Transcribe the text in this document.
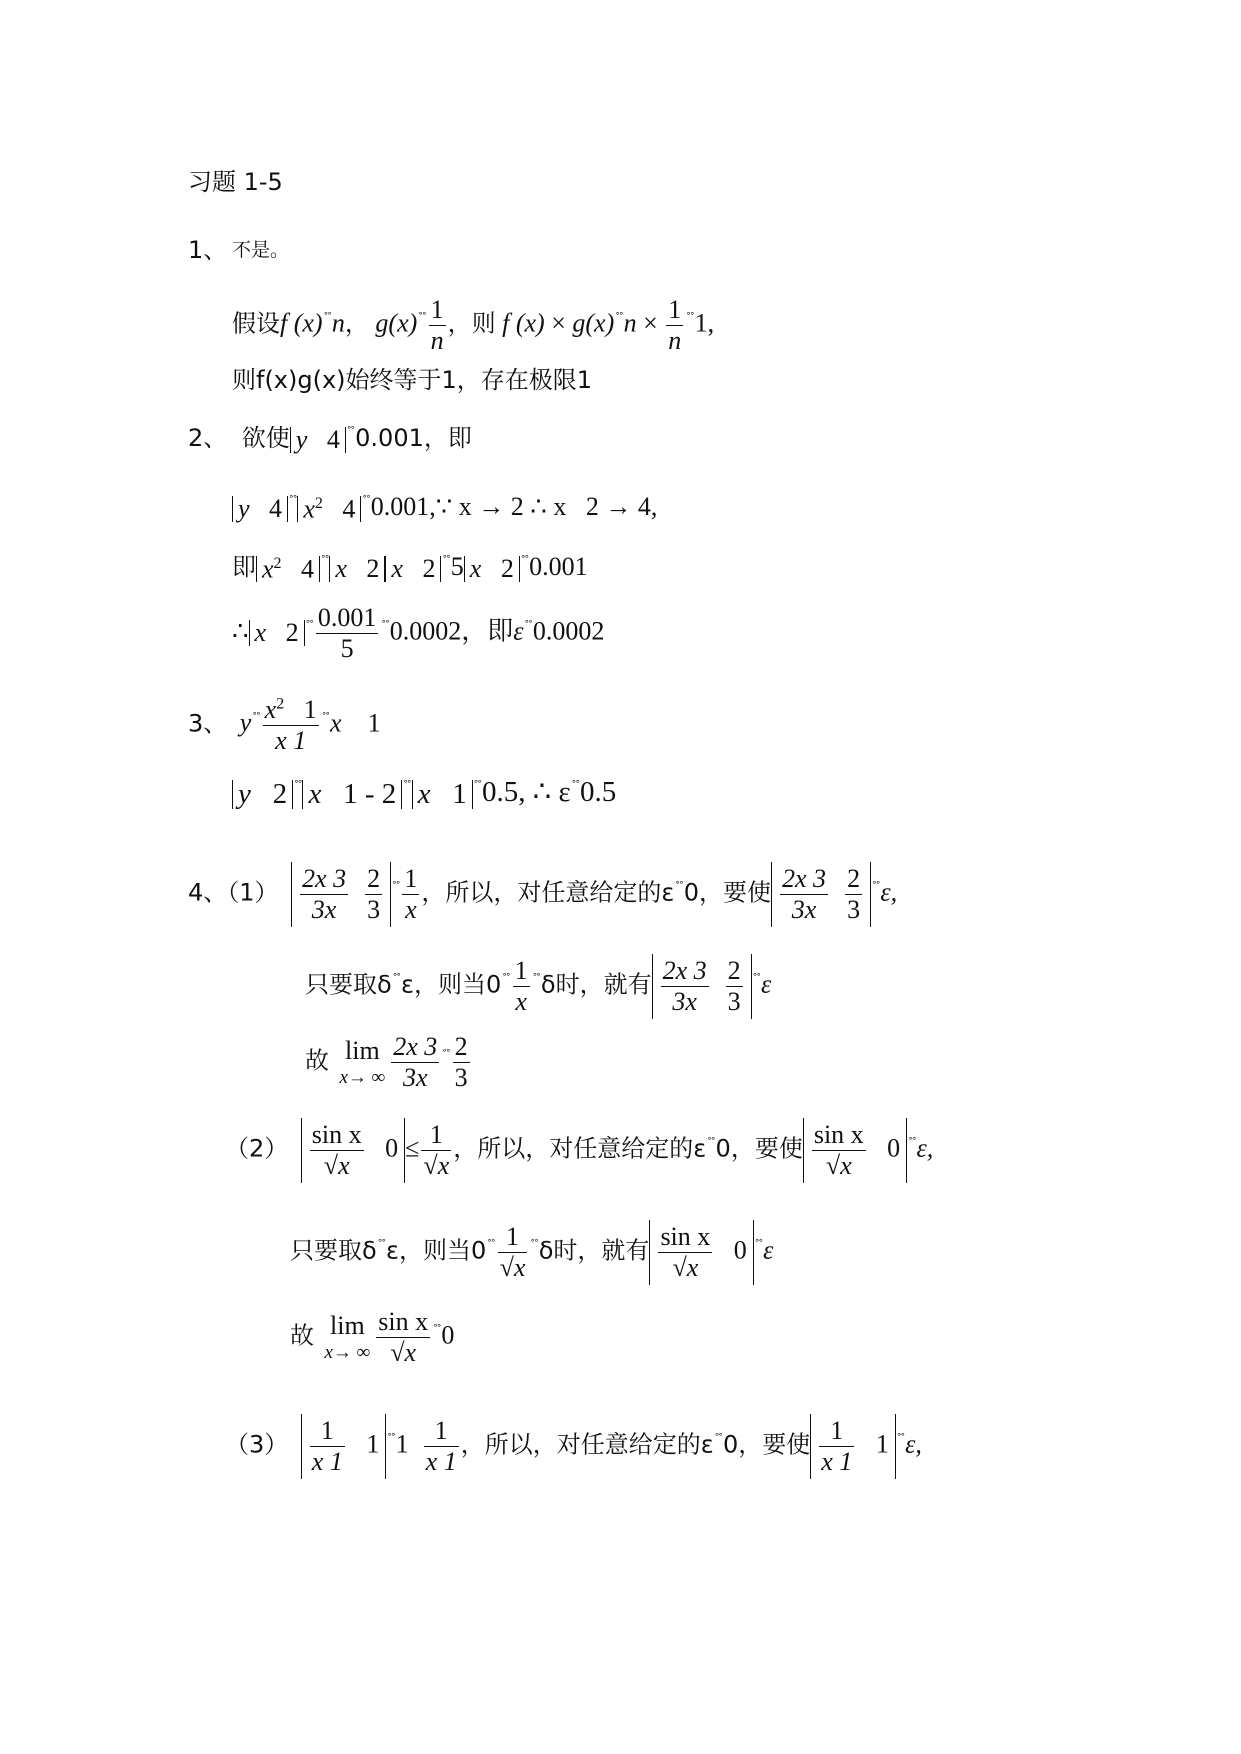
习题 1-5
1、 不是。
假设f (x)˚˚n， $g(x)^{˚˚} \frac{1}{n}$ ，则 f $(x) \times g(x)^{˚˚}n \times \frac{1}{n} ^{˚˚}1$,
则f(x)g(x)始终等于1，存在极限1
2、 欲使 y 4 ˚˚0.001，即
y 4 ˚˚ $x^2$ 4 ˚˚0.001,∵ x → 2 ∴ x 2 → 4,
即 $x^2$ 4 ˚˚ x 2 x 2 ˚˚5 x 2 ˚˚0.001
∴ x 2 $^{˚˚} \frac{0.001}{5} ^{˚˚}0.0002$，即ε˚˚0.0002
3、 $y^{˚˚} \frac{x^2 1}{x 1} ^{˚˚}x$ 1
y 2 ˚˚ x 1 - 2 ˚˚ x 1 ˚˚0.5, ∴ ε˚˚0.5
4、$(1) \frac{2x 3}{3x}$
$\frac{2}{3} ^{˚˚} \frac{1}{x}$ ，所以，对任意给定的ε˚˚0，要使 $\frac{2x 3}{3x}$
$\frac{2}{3} ^{˚˚}\varepsilon$,
只要取δ˚˚ε，则当$0^{˚˚} \frac{1}{x} ^{˚˚}\delta$时，就有 $\frac{2x 3}{3x}$
$\frac{2}{3} ^{˚˚}\varepsilon$
故 lim
x→ ∞ $\frac{2x 3}{3x} ^{˚˚} \frac{2}{3}$
$(2) \frac{\text{sin x}}{√x} 0 \le \frac{1}{√x}$ ，所以，对任意给定的ε˚˚0，要使 $\frac{\text{sin x}}{√x} 0$ ˚˚ε,
只要取δ˚˚ε，则当$0^{˚˚} \frac{1}{√x} ^{˚˚}\delta$时，就有 $\frac{\text{sin x}}{√x} 0$ ˚˚ε
故 lim
x→ ∞ $\frac{\text{sin x}}{√x} ^{˚˚}0$
$(3) \frac{1}{x 1} 1$ $^{˚˚}1 \frac{1}{x 1}$ ，所以，对任意给定的ε˚˚0，要使 $\frac{1}{x 1} 1$ ˚˚ε,
